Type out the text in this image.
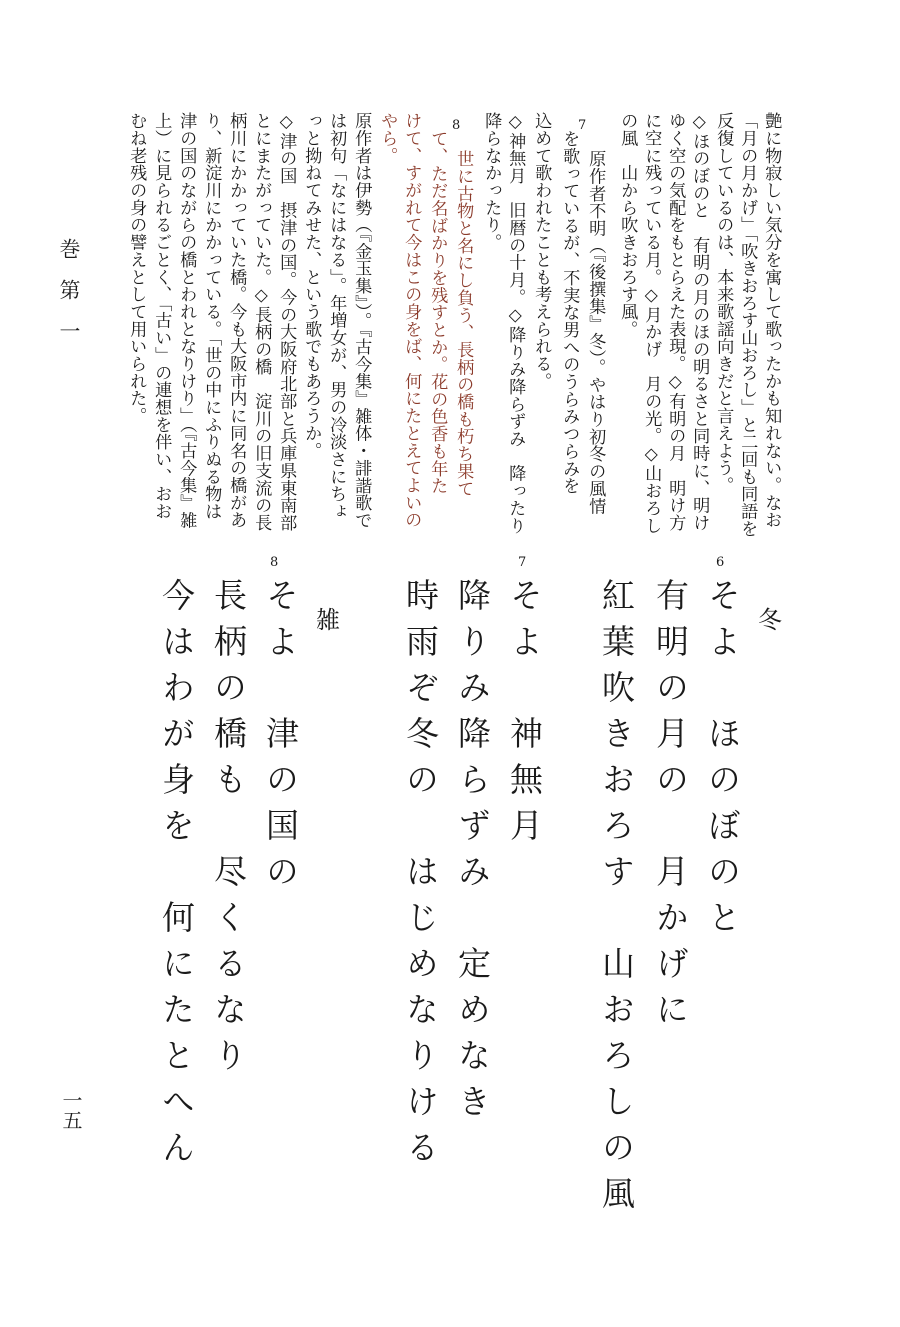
艶に物寂しい気分を寓して歌ったかも知れない。なお

「月の月かげ」「吹きおろす山おろし」と二回も同語を

反復しているのは、本来歌謡向きだと言えよう。

◇ほのぼのと　有明の月のほの明るさと同時に、明け

ゆく空の気配をもとらえた表現。◇有明の月　明け方

に空に残っている月。◇月かげ　月の光。◇山おろし

の風　山から吹きおろす風。

7

原作者不明（『後撰集』冬）。やはり初冬の風情

を歌っているが、不実な男へのうらみつらみを

込めて歌われたことも考えられる。

◇神無月　旧暦の十月。◇降りみ降らずみ　降ったり

降らなかったり。

8

世に古物と名にし負う、長柄の橋も朽ち果て

て、ただ名ばかりを残すとか。花の色香も年た

けて、すがれて今はこの身をば、何にたとえてよいの

やら。

原作者は伊勢（『金玉集』）。『古今集』雑体・誹諧歌で

は初句「なにはなる」。年増女が、男の冷淡さにちょ

っと拗ねてみせた、という歌でもあろうか。

◇津の国　摂津の国。今の大阪府北部と兵庫県東南部

とにまたがっていた。◇長柄の橋　淀川の旧支流の長

柄川にかかっていた橋。今も大阪市内に同名の橋があ

り、新淀川にかかっている。「世の中にふりぬる物は

津の国のながらの橋とわれとなりけり」（『古今集』雑

上）に見られるごとく、「古い」の連想を伴い、おお

むね老残の身の譬えとして用いられた。

冬
6

そよ　ほのぼのと

有明の月の　月かげに

紅葉吹きおろす　山おろしの風

7

そよ　神無月

降りみ降らずみ　定めなき

時雨ぞ冬の　はじめなりける

雑
8

そよ　津の国の

長柄の橋も　尽くるなり

今はわが身を　何にたとへん

巻第一

一五
